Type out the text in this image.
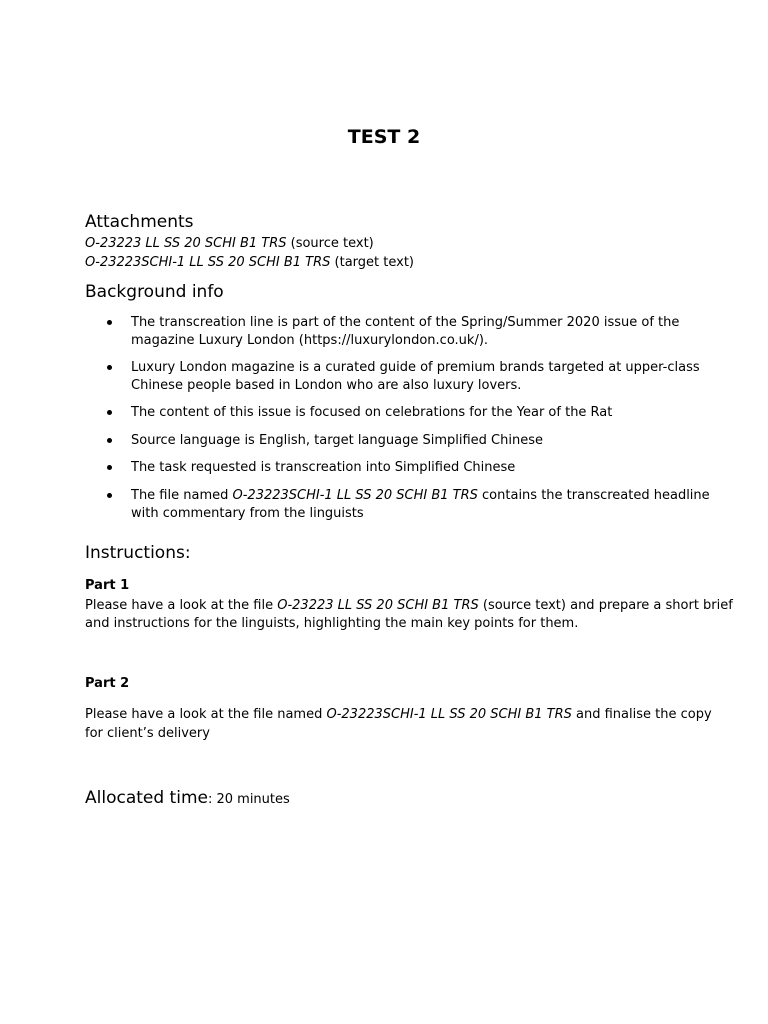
TEST 2
Attachments
O-23223 LL SS 20 SCHI B1 TRS (source text)
O-23223SCHI-1 LL SS 20 SCHI B1 TRS (target text)
Background info
The transcreation line is part of the content of the Spring/Summer 2020 issue of the magazine Luxury London (https://luxurylondon.co.uk/).
Luxury London magazine is a curated guide of premium brands targeted at upper-class Chinese people based in London who are also luxury lovers.
The content of this issue is focused on celebrations for the Year of the Rat
Source language is English, target language Simplified Chinese
The task requested is transcreation into Simplified Chinese
The file named O-23223SCHI-1 LL SS 20 SCHI B1 TRS contains the transcreated headline with commentary from the linguists
Instructions:
Part 1
Please have a look at the file O-23223 LL SS 20 SCHI B1 TRS (source text) and prepare a short brief and instructions for the linguists, highlighting the main key points for them.
Part 2
Please have a look at the file named O-23223SCHI-1 LL SS 20 SCHI B1 TRS and finalise the copy
for client’s delivery
Allocated time: 20 minutes
